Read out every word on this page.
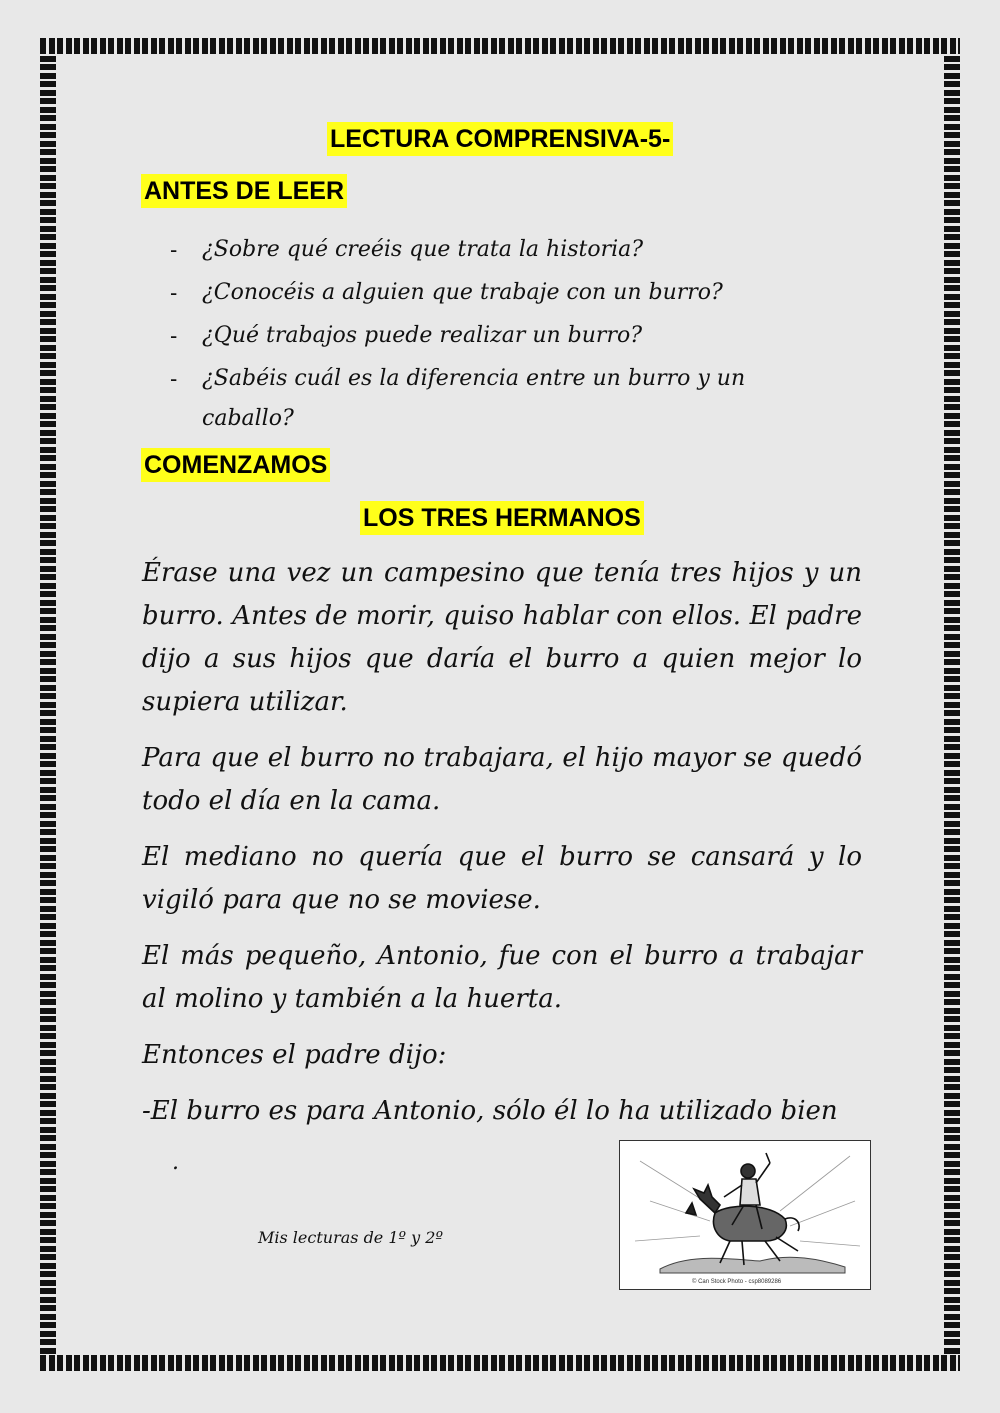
LECTURA COMPRENSIVA-5-
ANTES DE LEER
- ¿Sobre qué creéis que trata la historia?
- ¿Conocéis a alguien que trabaje con un burro?
- ¿Qué trabajos puede realizar un burro?
- ¿Sabéis cuál es la diferencia entre un burro y un caballo?
COMENZAMOS
LOS TRES HERMANOS

Érase una vez un campesino que tenía tres hijos y un burro. Antes de morir, quiso hablar con ellos. El padre dijo a sus hijos que daría el burro a quien mejor lo supiera utilizar.

Para que el burro no trabajara, el hijo mayor se quedó todo el día en la cama.

El mediano no quería que el burro se cansará y lo vigiló para que no se moviese.

El más pequeño, Antonio, fue con el burro a trabajar al molino y también a la huerta.

Entonces el padre dijo:

-El burro es para Antonio, sólo él lo ha utilizado bien

.
Mis lecturas de 1º y 2º
© Can Stock Photo - csp8089286
